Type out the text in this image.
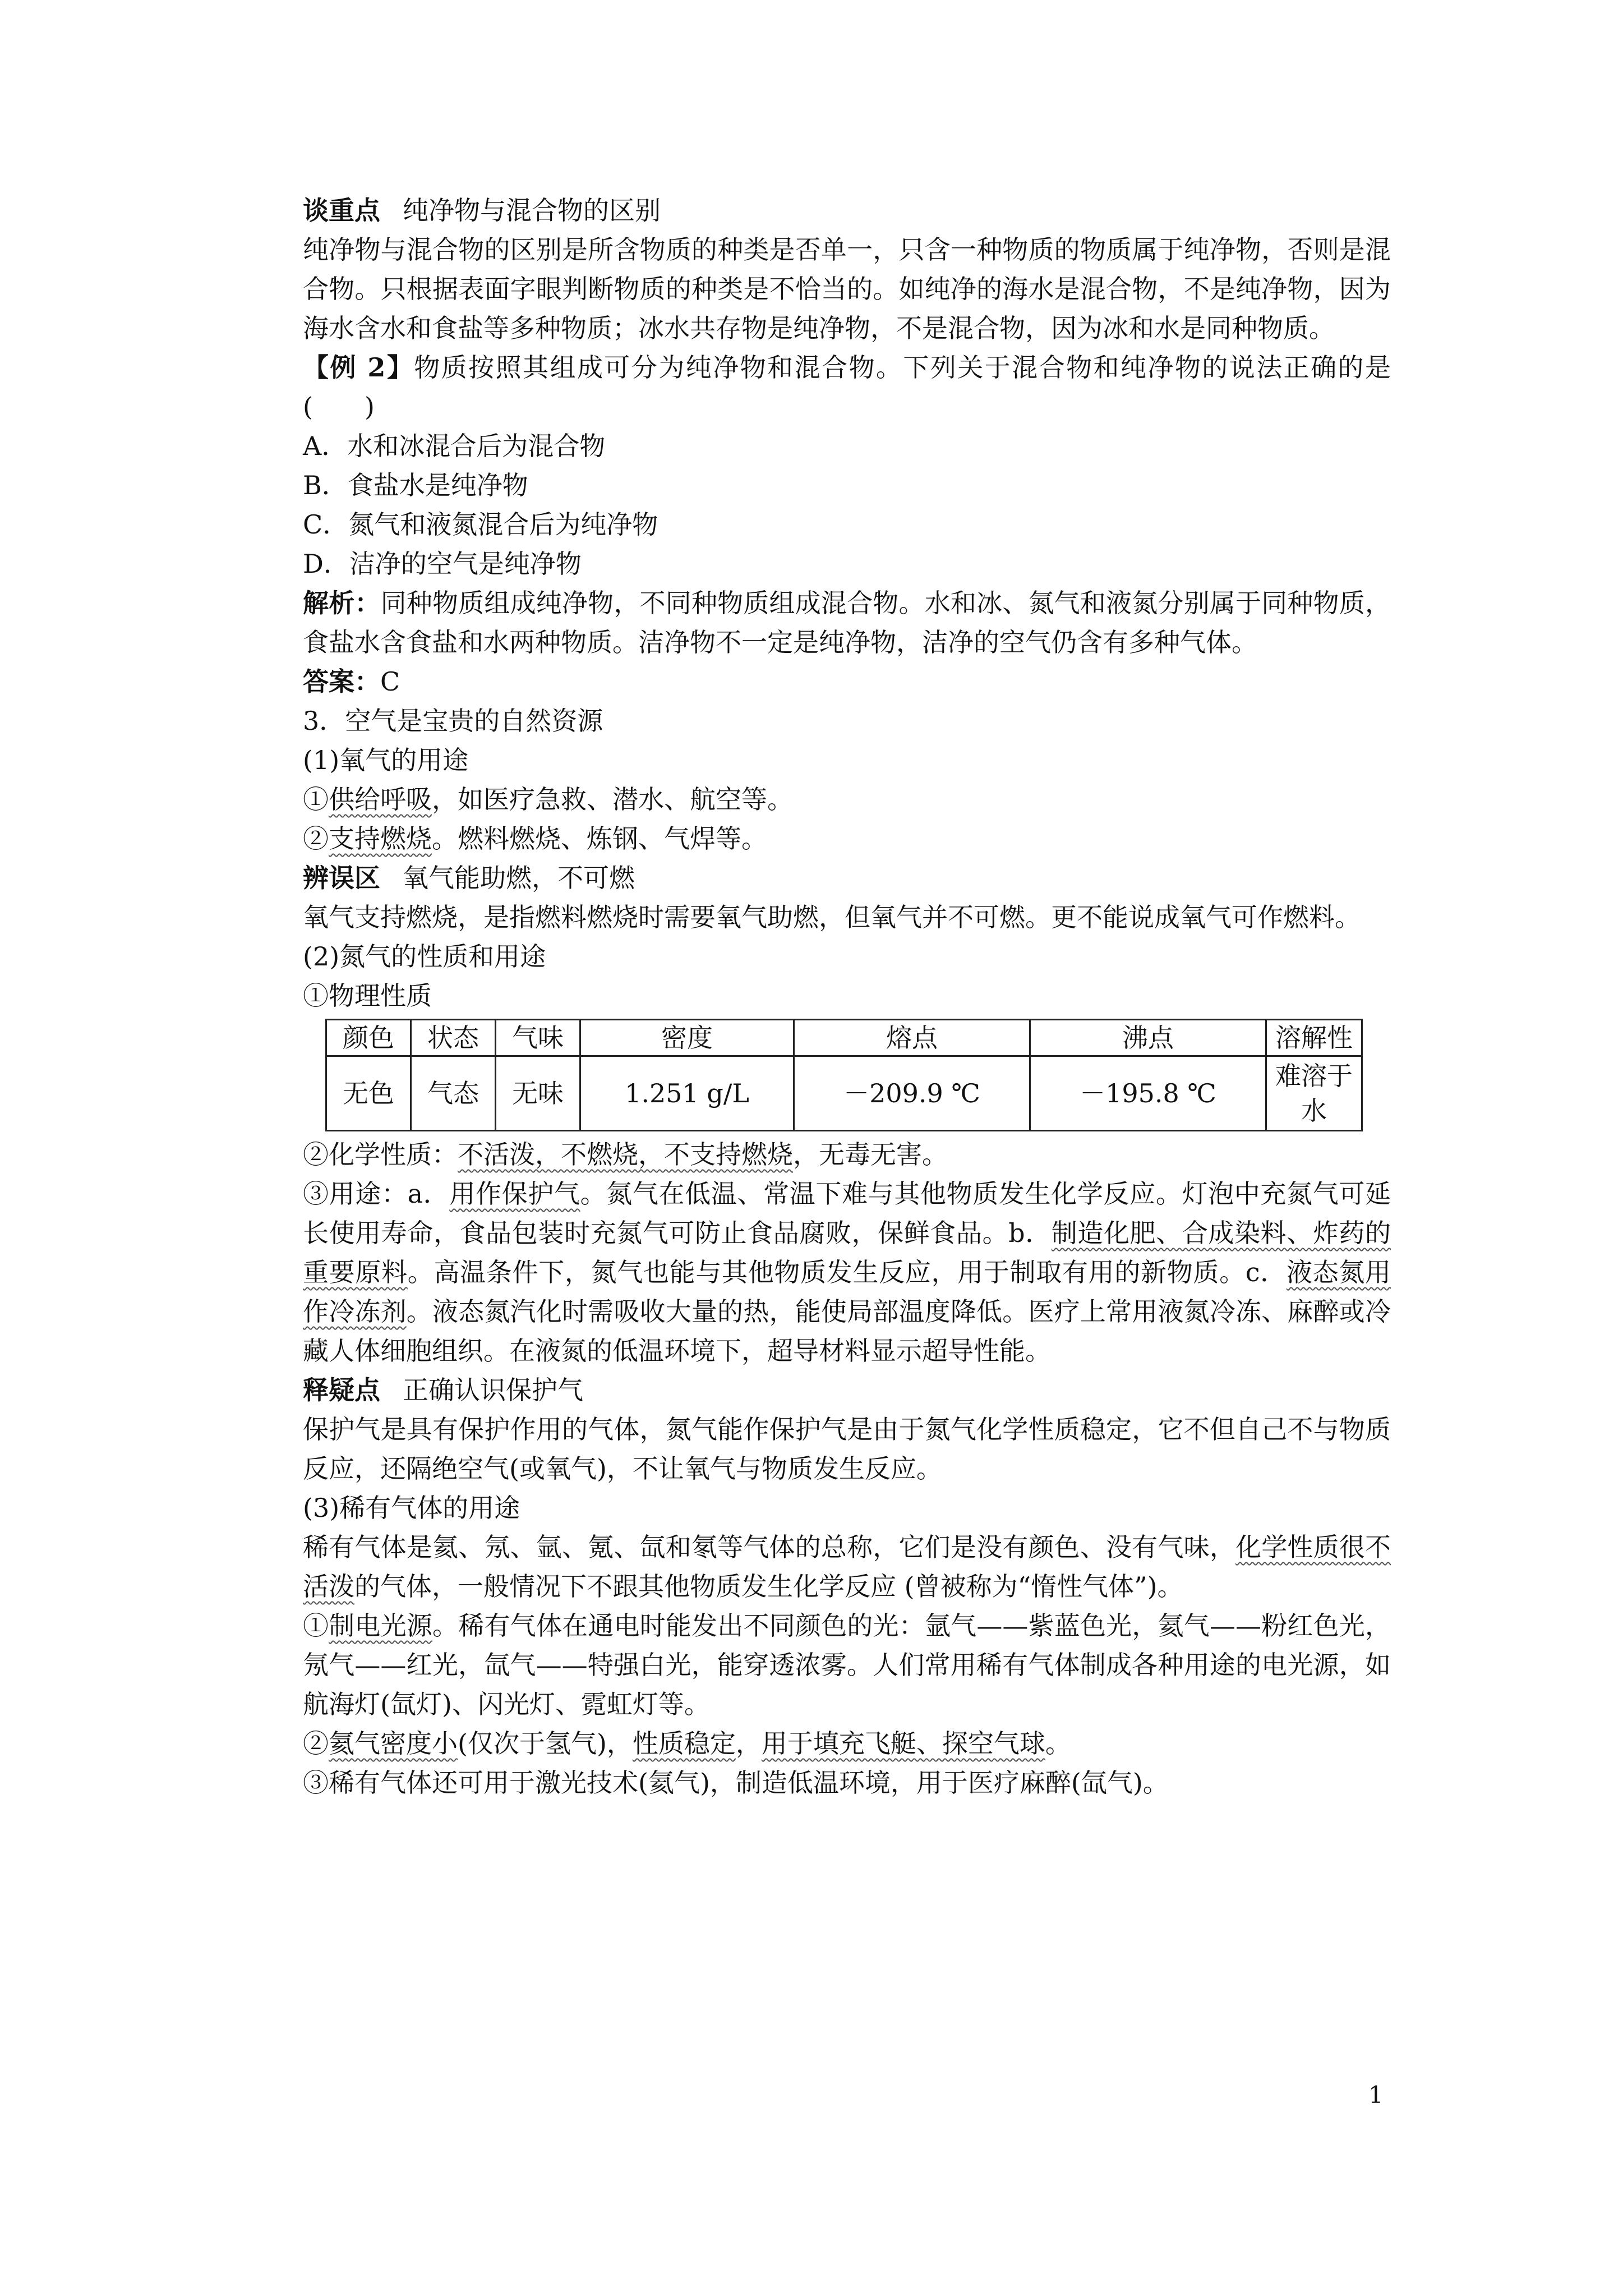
谈重点 纯净物与混合物的区别

纯净物与混合物的区别是所含物质的种类是否单一，只含一种物质的物质属于纯净物，否则是混合物。只根据表面字眼判断物质的种类是不恰当的。如纯净的海水是混合物，不是纯净物，因为海水含水和食盐等多种物质；冰水共存物是纯净物，不是混合物，因为冰和水是同种物质。

【例 2】物质按照其组成可分为纯净物和混合物。下列关于混合物和纯净物的说法正确的是(　　)

A．水和冰混合后为混合物

B．食盐水是纯净物

C．氮气和液氮混合后为纯净物

D．洁净的空气是纯净物

解析：同种物质组成纯净物，不同种物质组成混合物。水和冰、氮气和液氮分别属于同种物质，食盐水含食盐和水两种物质。洁净物不一定是纯净物，洁净的空气仍含有多种气体。

答案：C

3．空气是宝贵的自然资源

(1)氧气的用途

①供给呼吸，如医疗急救、潜水、航空等。

②支持燃烧。燃料燃烧、炼钢、气焊等。

辨误区 氧气能助燃，不可燃

氧气支持燃烧，是指燃料燃烧时需要氧气助燃，但氧气并不可燃。更不能说成氧气可作燃料。

(2)氮气的性质和用途

①物理性质

颜色	状态	气味	密度	熔点	沸点	溶解性
无色	气态	无味	1.251 g/L	－209.9 ℃	－195.8 ℃	难溶于水

②化学性质：不活泼，不燃烧，不支持燃烧，无毒无害。

③用途：a．用作保护气。氮气在低温、常温下难与其他物质发生化学反应。灯泡中充氮气可延长使用寿命，食品包装时充氮气可防止食品腐败，保鲜食品。b．制造化肥、合成染料、炸药的重要原料。高温条件下，氮气也能与其他物质发生反应，用于制取有用的新物质。c．液态氮用作冷冻剂。液态氮汽化时需吸收大量的热，能使局部温度降低。医疗上常用液氮冷冻、麻醉或冷藏人体细胞组织。在液氮的低温环境下，超导材料显示超导性能。

释疑点 正确认识保护气

保护气是具有保护作用的气体，氮气能作保护气是由于氮气化学性质稳定，它不但自己不与物质反应，还隔绝空气(或氧气)，不让氧气与物质发生反应。

(3)稀有气体的用途

稀有气体是氦、氖、氩、氪、氙和氡等气体的总称，它们是没有颜色、没有气味，化学性质很不活泼的气体，一般情况下不跟其他物质发生化学反应 (曾被称为“惰性气体”)。

①制电光源。稀有气体在通电时能发出不同颜色的光：氩气——紫蓝色光，氦气——粉红色光，氖气——红光，氙气——特强白光，能穿透浓雾。人们常用稀有气体制成各种用途的电光源，如航海灯(氙灯)、闪光灯、霓虹灯等。

②氦气密度小(仅次于氢气)，性质稳定，用于填充飞艇、探空气球。

③稀有气体还可用于激光技术(氦气)，制造低温环境，用于医疗麻醉(氙气)。

1
